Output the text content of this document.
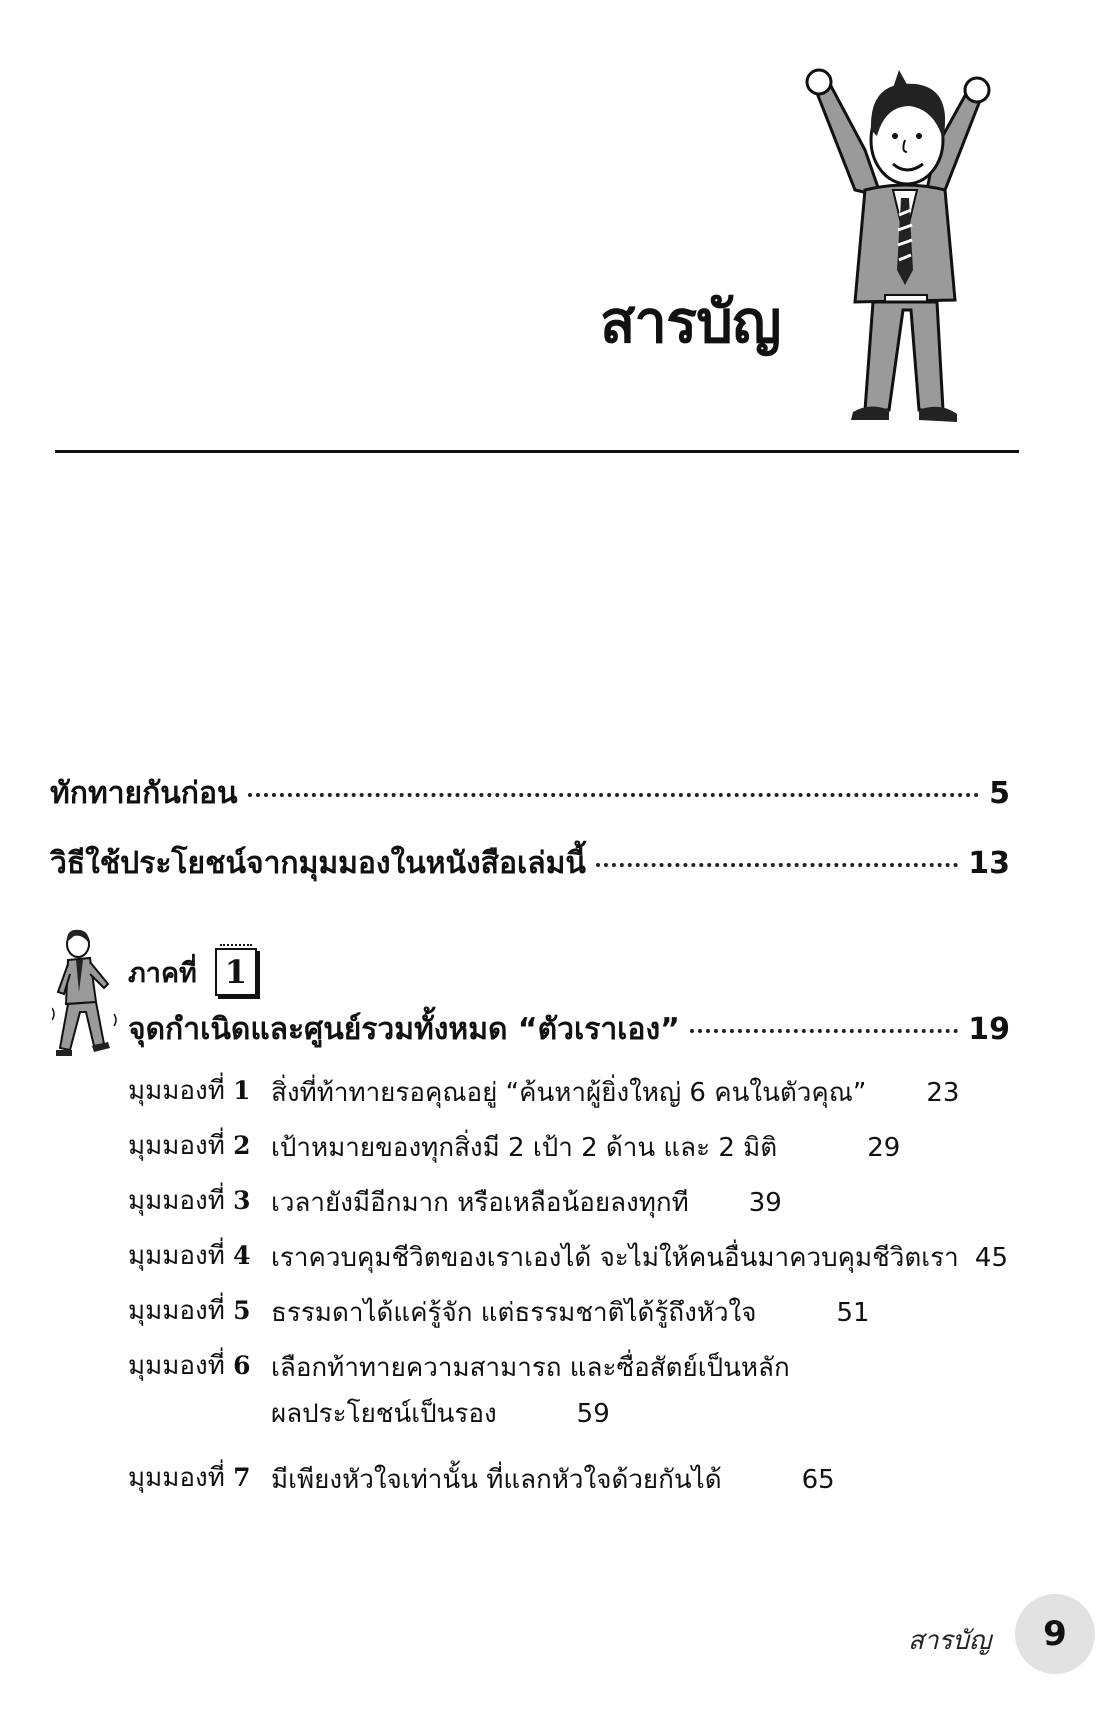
สารบัญ
ทักทายกันก่อน	5
วิธีใช้ประโยชน์จากมุมมองในหนังสือเล่มนี้	13
ภาคที่ 1
จุดกำเนิดและศูนย์รวมทั้งหมด “ตัวเราเอง”	19
มุมมองที่ 1 สิ่งที่ท้าทายรอคุณอยู่ “ค้นหาผู้ยิ่งใหญ่ 6 คนในตัวคุณ” 23
มุมมองที่ 2 เป้าหมายของทุกสิ่งมี 2 เป้า 2 ด้าน และ 2 มิติ	29
มุมมองที่ 3 เวลายังมีอีกมาก หรือเหลือน้อยลงทุกที 39
มุมมองที่ 4 เราควบคุมชีวิตของเราเองได้ จะไม่ให้คนอื่นมาควบคุมชีวิตเรา 45
มุมมองที่ 5 ธรรมดาได้แค่รู้จัก แต่ธรรมชาติได้รู้ถึงหัวใจ	51
มุมมองที่ 6 เลือกท้าทายความสามารถ และซื่อสัตย์เป็นหลัก
ผลประโยชน์เป็นรอง	59
มุมมองที่ 7 มีเพียงหัวใจเท่านั้น ที่แลกหัวใจด้วยกันได้	65
สารบัญ	9
